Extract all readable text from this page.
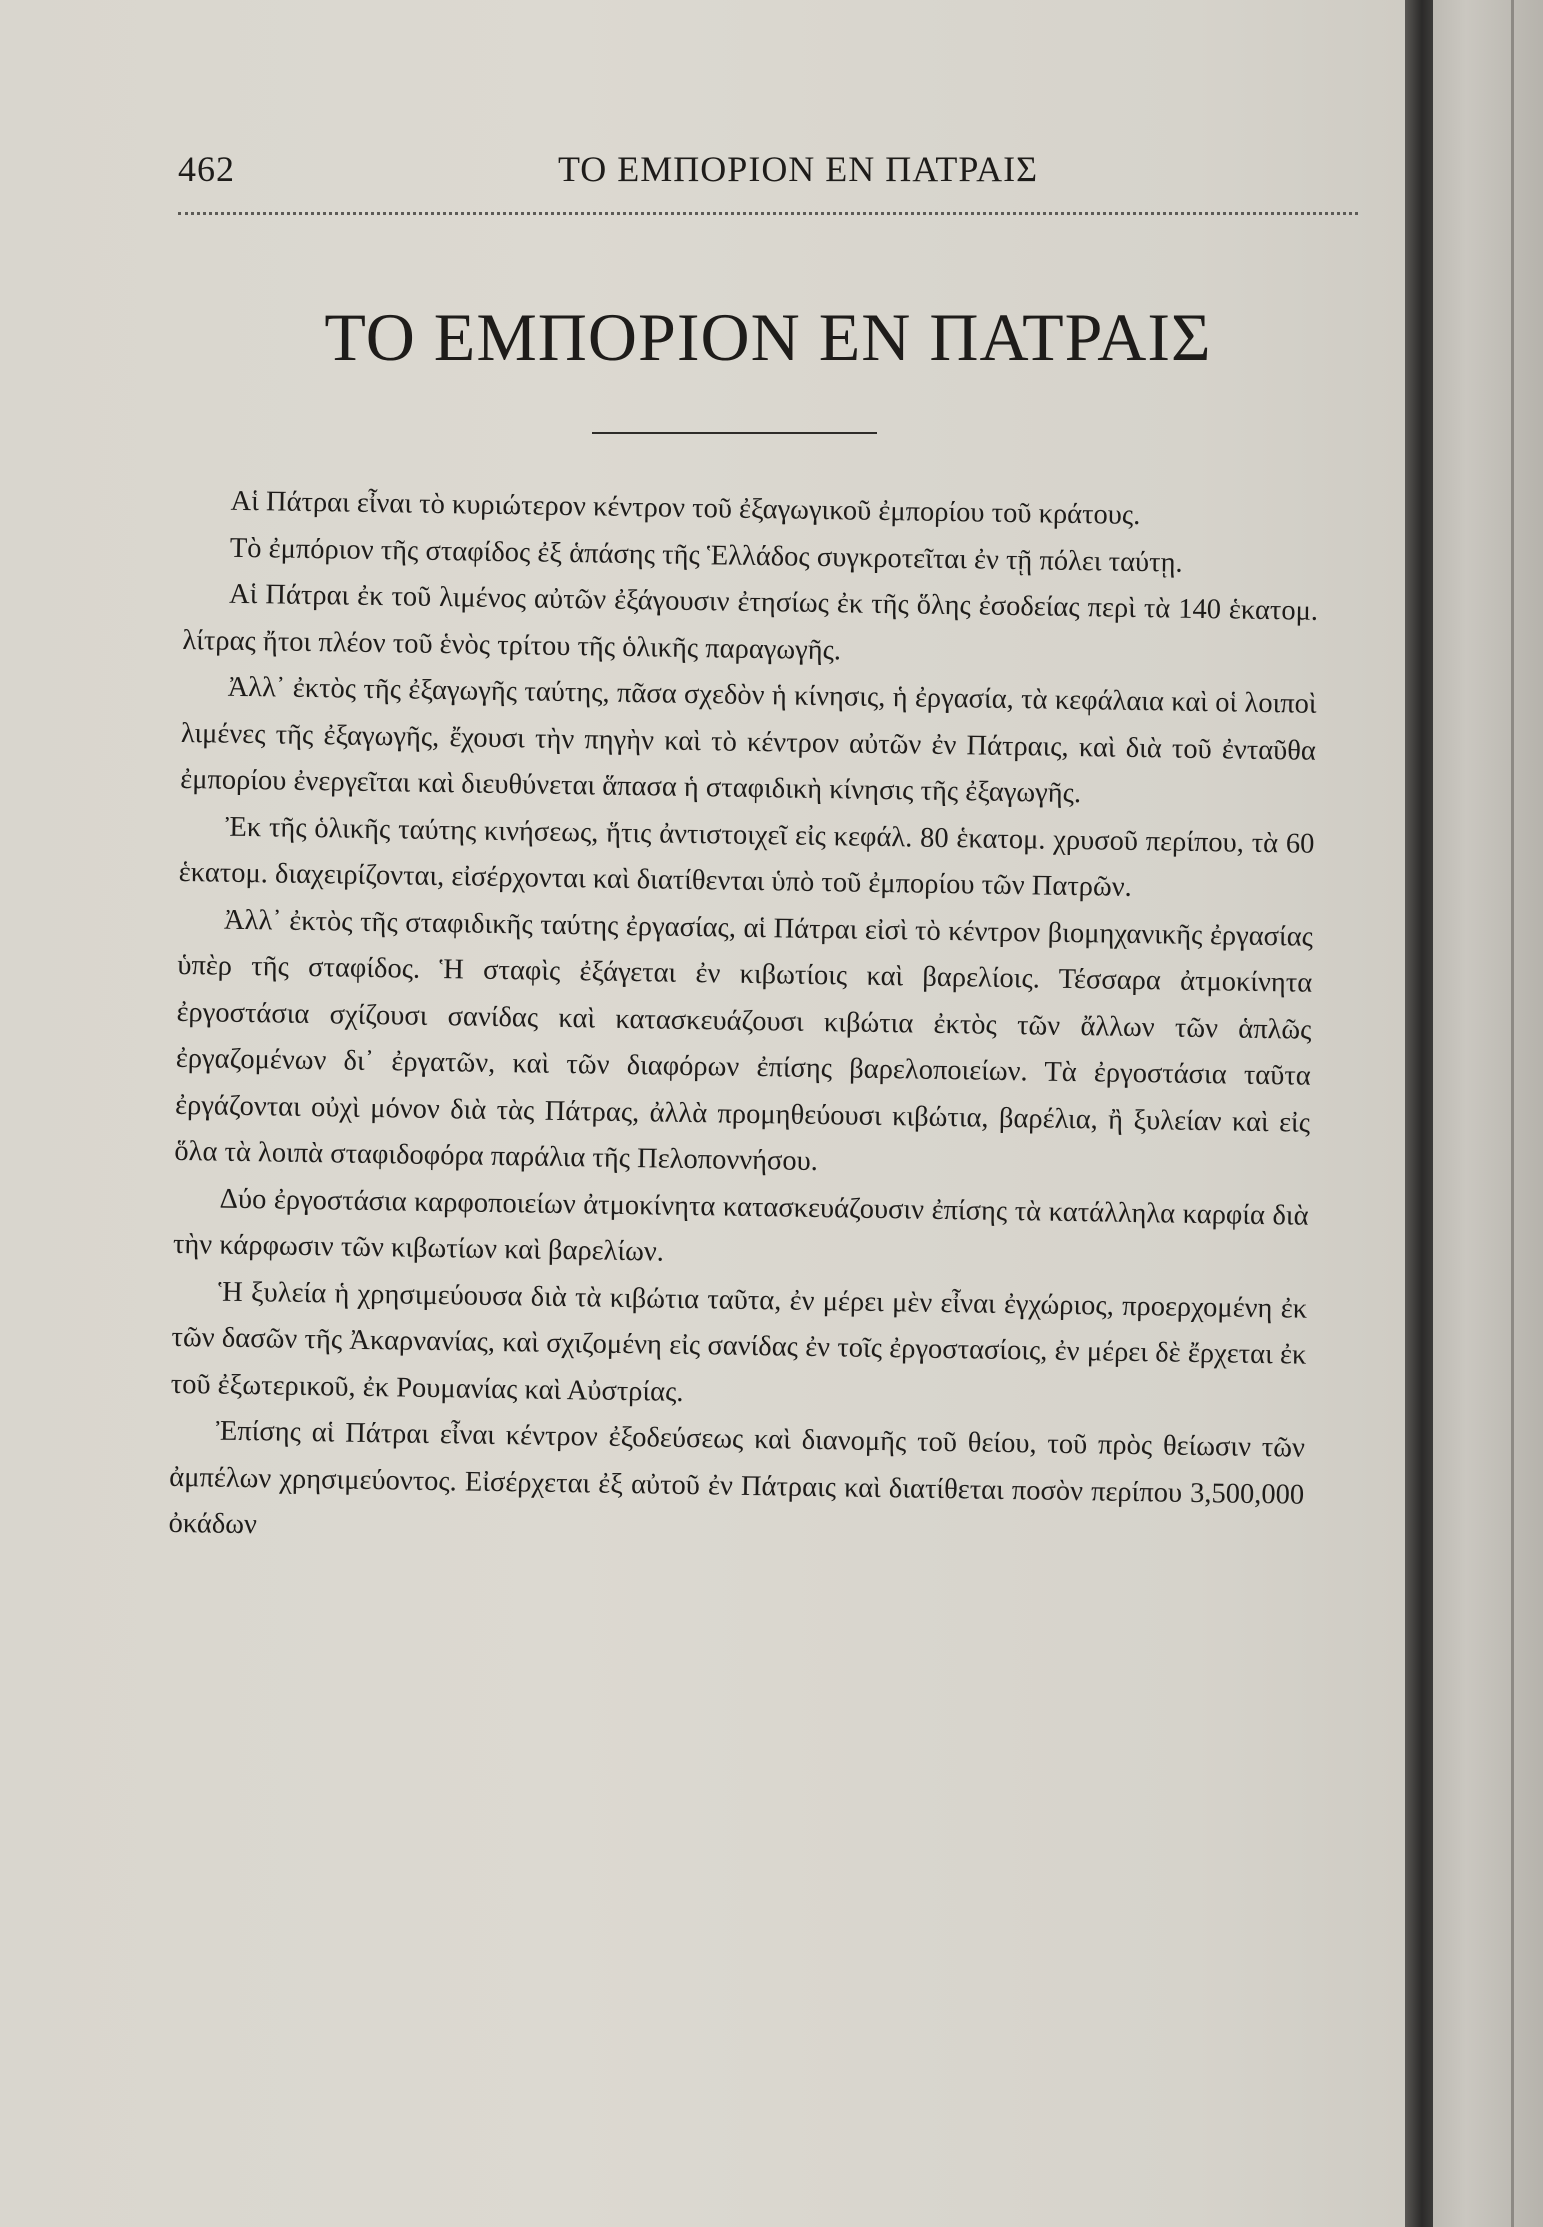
462	ΤΟ ΕΜΠΟΡΙΟΝ ΕΝ ΠΑΤΡΑΙΣ
ΤΟ ΕΜΠΟΡΙΟΝ ΕΝ ΠΑΤΡΑΙΣ

Αἱ Πάτραι εἶναι τὸ κυριώτερον κέντρον τοῦ ἐξαγωγικοῦ ἐμπορίου τοῦ κράτους.

Τὸ ἐμπόριον τῆς σταφίδος ἐξ ἁπάσης τῆς Ἑλλάδος συγκροτεῖται ἐν τῇ πόλει ταύτῃ.

Αἱ Πάτραι ἐκ τοῦ λιμένος αὐτῶν ἐξάγουσιν ἐτησίως ἐκ τῆς ὅλης ἐσοδείας περὶ τὰ 140 ἑκατομ. λίτρας ἤτοι πλέον τοῦ ἑνὸς τρίτου τῆς ὁλικῆς παραγωγῆς.

Ἀλλ᾽ ἐκτὸς τῆς ἐξαγωγῆς ταύτης, πᾶσα σχεδὸν ἡ κίνησις, ἡ ἐργασία, τὰ κεφάλαια καὶ οἱ λοιποὶ λιμένες τῆς ἐξαγωγῆς, ἔχουσι τὴν πηγὴν καὶ τὸ κέντρον αὐτῶν ἐν Πάτραις, καὶ διὰ τοῦ ἐνταῦθα ἐμπορίου ἐνεργεῖται καὶ διευθύνεται ἅπασα ἡ σταφιδικὴ κίνησις τῆς ἐξαγωγῆς.

Ἐκ τῆς ὁλικῆς ταύτης κινήσεως, ἥτις ἀντιστοιχεῖ εἰς κεφάλ. 80 ἑκατομ. χρυσοῦ περίπου, τὰ 60 ἑκατομ. διαχειρίζονται, εἰσέρχονται καὶ διατίθενται ὑπὸ τοῦ ἐμπορίου τῶν Πατρῶν.

Ἀλλ᾽ ἐκτὸς τῆς σταφιδικῆς ταύτης ἐργασίας, αἱ Πάτραι εἰσὶ τὸ κέντρον βιομηχανικῆς ἐργασίας ὑπὲρ τῆς σταφίδος. Ἡ σταφὶς ἐξάγεται ἐν κιβωτίοις καὶ βαρελίοις. Τέσσαρα ἀτμοκίνητα ἐργοστάσια σχίζουσι σανίδας καὶ κατασκευάζουσι κιβώτια ἐκτὸς τῶν ἄλλων τῶν ἁπλῶς ἐργαζομένων δι᾽ ἐργατῶν, καὶ τῶν διαφόρων ἐπίσης βαρελοποιείων. Τὰ ἐργοστάσια ταῦτα ἐργάζονται οὐχὶ μόνον διὰ τὰς Πάτρας, ἀλλὰ προμηθεύουσι κιβώτια, βαρέλια, ἢ ξυλείαν καὶ εἰς ὅλα τὰ λοιπὰ σταφιδοφόρα παράλια τῆς Πελοποννήσου.

Δύο ἐργοστάσια καρφοποιείων ἀτμοκίνητα κατασκευάζουσιν ἐπίσης τὰ κατάλληλα καρφία διὰ τὴν κάρφωσιν τῶν κιβωτίων καὶ βαρελίων.

Ἡ ξυλεία ἡ χρησιμεύουσα διὰ τὰ κιβώτια ταῦτα, ἐν μέρει μὲν εἶναι ἐγχώριος, προερχομένη ἐκ τῶν δασῶν τῆς Ἀκαρνανίας, καὶ σχιζομένη εἰς σανίδας ἐν τοῖς ἐργοστασίοις, ἐν μέρει δὲ ἔρχεται ἐκ τοῦ ἐξωτερικοῦ, ἐκ Ρουμανίας καὶ Αὐστρίας.

Ἐπίσης αἱ Πάτραι εἶναι κέντρον ἐξοδεύσεως καὶ διανομῆς τοῦ θείου, τοῦ πρὸς θείωσιν τῶν ἀμπέλων χρησιμεύοντος. Εἰσέρχεται ἐξ αὐτοῦ ἐν Πάτραις καὶ διατίθεται ποσὸν περίπου 3,500,000 ὀκάδων
